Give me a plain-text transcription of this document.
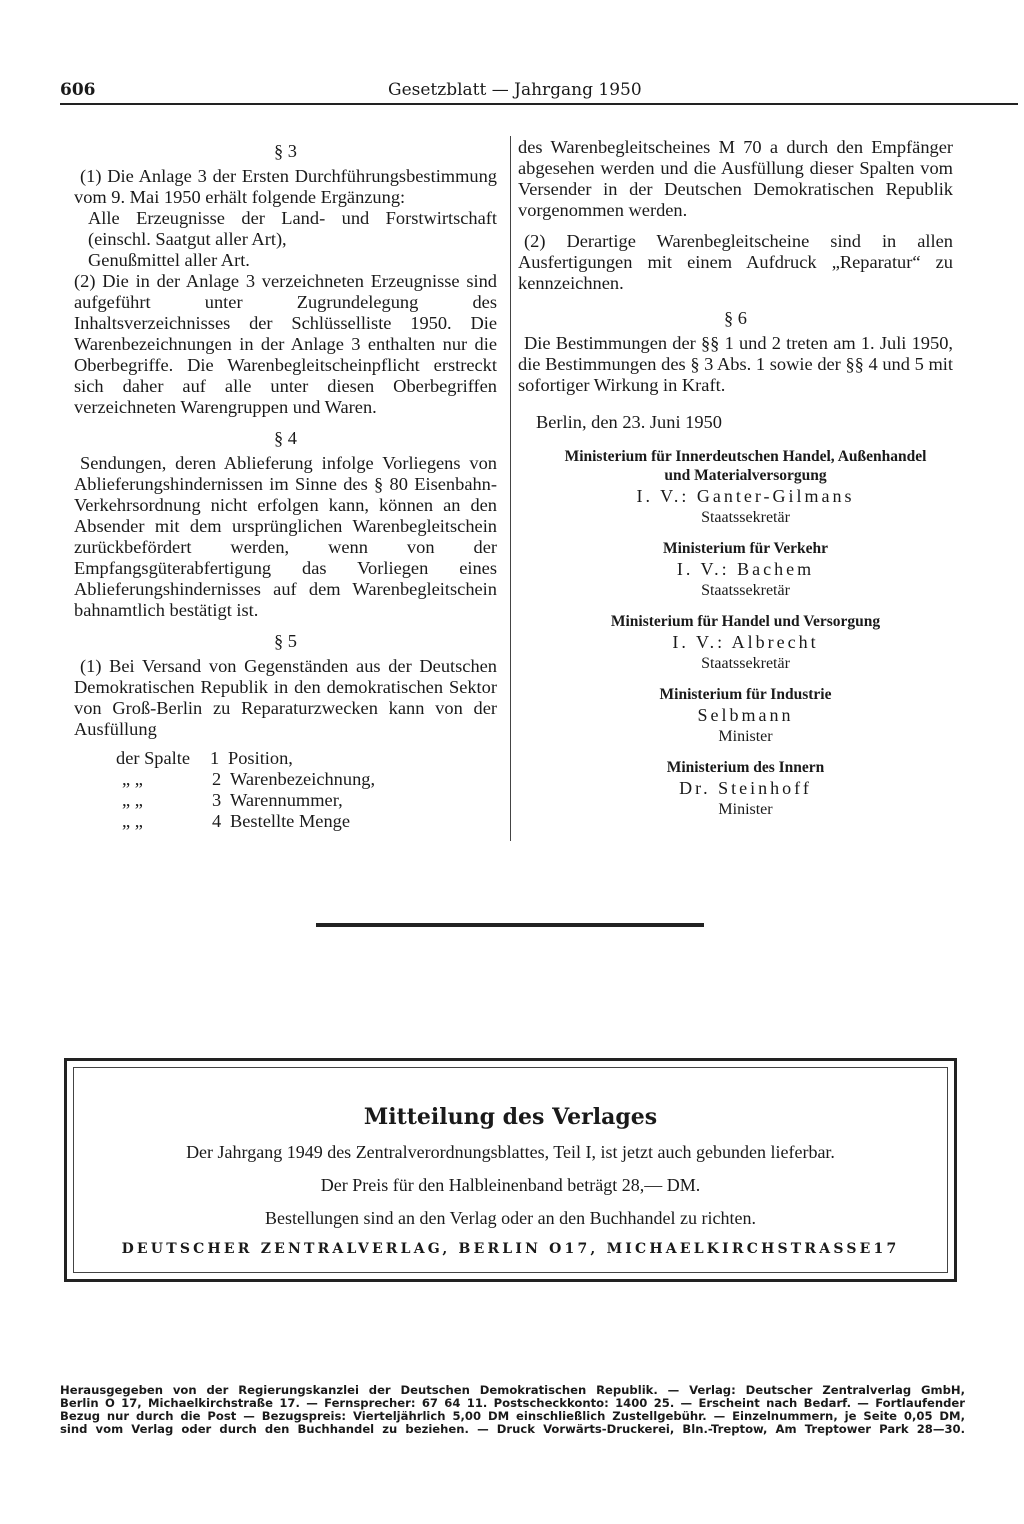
606	Gesetzblatt — Jahrgang 1950
§ 3

(1) Die Anlage 3 der Ersten Durchführungsbestimmung vom 9. Mai 1950 erhält folgende Ergänzung:

Alle Erzeugnisse der Land- und Forstwirtschaft (einschl. Saatgut aller Art),

Genußmittel aller Art.

(2) Die in der Anlage 3 verzeichneten Erzeugnisse sind aufgeführt unter Zugrundelegung des Inhaltsverzeichnisses der Schlüsselliste 1950. Die Warenbezeichnungen in der Anlage 3 enthalten nur die Oberbegriffe. Die Warenbegleitscheinpflicht erstreckt sich daher auf alle unter diesen Oberbegriffen verzeichneten Warengruppen und Waren.

§ 4

Sendungen, deren Ablieferung infolge Vorliegens von Ablieferungshindernissen im Sinne des § 80 Eisenbahn-Verkehrsordnung nicht erfolgen kann, können an den Absender mit dem ursprünglichen Warenbegleitschein zurückbefördert werden, wenn von der Empfangsgüterabfertigung das Vorliegen eines Ablieferungshindernisses auf dem Warenbegleitschein bahnamtlich bestätigt ist.

§ 5

(1) Bei Versand von Gegenständen aus der Deutschen Demokratischen Republik in den demokratischen Sektor von Groß-Berlin zu Reparaturzwecken kann von der Ausfüllung

der Spalte	1 Position,
„ „	2 Warenbezeichnung,
„ „	3 Warennummer,
„ „	4 Bestellte Menge

des Warenbegleitscheines M 70 a durch den Empfänger abgesehen werden und die Ausfüllung dieser Spalten vom Versender in der Deutschen Demokratischen Republik vorgenommen werden.

(2) Derartige Warenbegleitscheine sind in allen Ausfertigungen mit einem Aufdruck „Reparatur“ zu kennzeichnen.

§ 6

Die Bestimmungen der §§ 1 und 2 treten am 1. Juli 1950, die Bestimmungen des § 3 Abs. 1 sowie der §§ 4 und 5 mit sofortiger Wirkung in Kraft.

Berlin, den 23. Juni 1950
Ministerium für Innerdeutschen Handel, Außenhandel und Materialversorgung
I. V.: Ganter-Gilmans
Staatssekretär
Ministerium für Verkehr
I. V.: Bachem
Staatssekretär
Ministerium für Handel und Versorgung
I. V.: Albrecht
Staatssekretär
Ministerium für Industrie
Selbmann
Minister
Ministerium des Innern
Dr. Steinhoff
Minister
Mitteilung des Verlages
Der Jahrgang 1949 des Zentralverordnungsblattes, Teil I, ist jetzt auch gebunden lieferbar.
Der Preis für den Halbleinenband beträgt 28,— DM.
Bestellungen sind an den Verlag oder an den Buchhandel zu richten.
DEUTSCHER ZENTRALVERLAG, BERLIN O17, MICHAELKIRCHSTRASSE17
Herausgegeben von der Regierungskanzlei der Deutschen Demokratischen Republik. — Verlag: Deutscher Zentralverlag GmbH,
Berlin O 17, Michaelkirchstraße 17. — Fernsprecher: 67 64 11. Postscheckkonto: 1400 25. — Erscheint nach Bedarf. — Fortlaufender
Bezug nur durch die Post — Bezugspreis: Vierteljährlich 5,00 DM einschließlich Zustellgebühr. — Einzelnummern, je Seite 0,05 DM,
sind vom Verlag oder durch den Buchhandel zu beziehen. — Druck Vorwärts-Druckerei, Bln.-Treptow, Am Treptower Park 28—30.
